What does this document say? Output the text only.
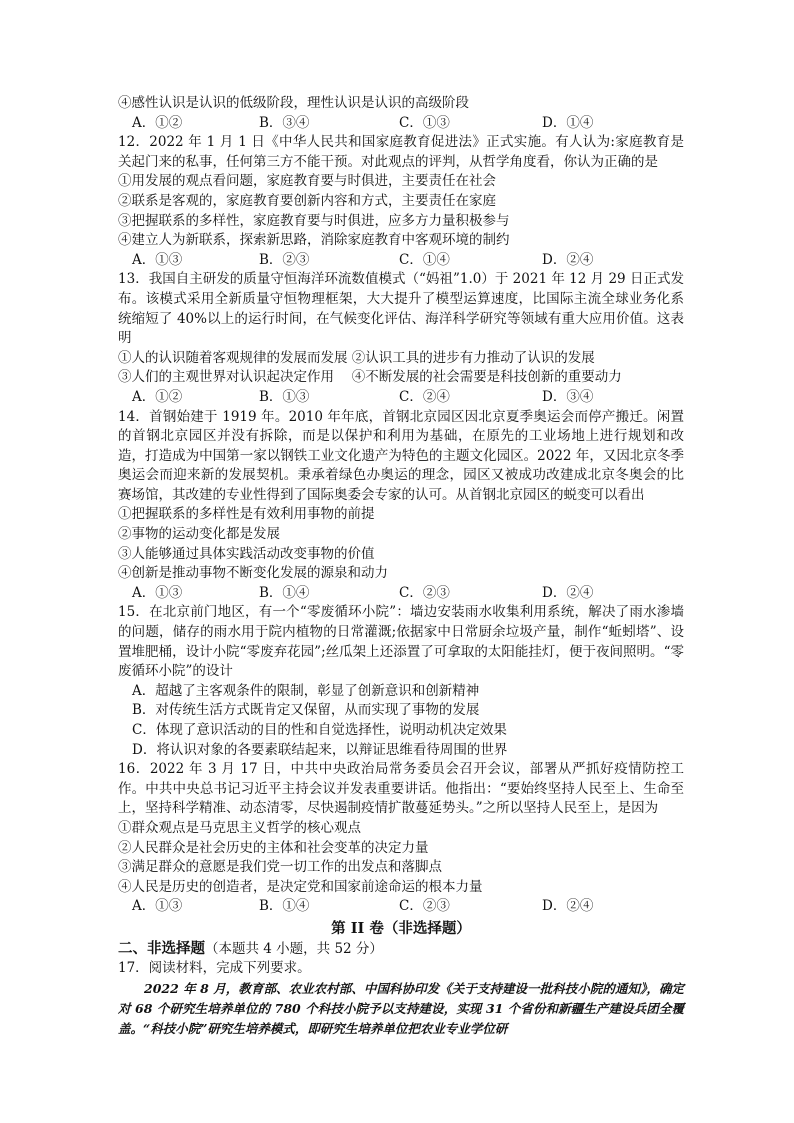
④感性认识是认识的低级阶段，理性认识是认识的高级阶段

A．①②	B．③④	C．①③	D．①④

12．2022 年 1 月 1 日《中华人民共和国家庭教育促进法》正式实施。有人认为:家庭教育是关起门来的私事，任何第三方不能干预。对此观点的评判，从哲学角度看，你认为正确的是

①用发展的观点看问题，家庭教育要与时俱进，主要责任在社会

②联系是客观的，家庭教育要创新内容和方式，主要责任在家庭

③把握联系的多样性，家庭教育要与时俱进，应多方力量积极参与

④建立人为新联系，探索新思路，消除家庭教育中客观环境的制约

A．①③	B．②③	C．①④	D．②④

13．我国自主研发的质量守恒海洋环流数值模式（“妈祖”1.0）于 2021 年 12 月 29 日正式发布。该模式采用全新质量守恒物理框架，大大提升了模型运算速度，比国际主流全球业务化系统缩短了 40%以上的运行时间，在气候变化评估、海洋科学研究等领域有重大应用价值。这表明

①人的认识随着客观规律的发展而发展 ②认识工具的进步有力推动了认识的发展

③人们的主观世界对认识起决定作用　 ④不断发展的社会需要是科技创新的重要动力

A．①②	B．①③	C．②④	D．③④

14．首钢始建于 1919 年。2010 年年底，首钢北京园区因北京夏季奥运会而停产搬迁。闲置的首钢北京园区并没有拆除，而是以保护和利用为基础，在原先的工业场地上进行规划和改造，打造成为中国第一家以钢铁工业文化遗产为特色的主题文化园区。2022 年，又因北京冬季奥运会而迎来新的发展契机。秉承着绿色办奥运的理念，园区又被成功改建成北京冬奥会的比赛场馆，其改建的专业性得到了国际奥委会专家的认可。从首钢北京园区的蜕变可以看出

①把握联系的多样性是有效利用事物的前提

②事物的运动变化都是发展

③人能够通过具体实践活动改变事物的价值

④创新是推动事物不断变化发展的源泉和动力

A．①③	B．①④	C．②③	D．②④

15．在北京前门地区，有一个“零废循环小院”：墙边安装雨水收集利用系统，解决了雨水渗墙的问题，储存的雨水用于院内植物的日常灌溉;依据家中日常厨余垃圾产量，制作“蚯蚓塔”、设置堆肥桶，设计小院“零废弃花园”;丝瓜架上还添置了可拿取的太阳能挂灯，便于夜间照明。“零废循环小院”的设计

A．超越了主客观条件的限制，彰显了创新意识和创新精神

B．对传统生活方式既肯定又保留，从而实现了事物的发展

C．体现了意识活动的目的性和自觉选择性，说明动机决定效果

D．将认识对象的各要素联结起来，以辩证思维看待周围的世界

16．2022 年 3 月 17 日，中共中央政治局常务委员会召开会议，部署从严抓好疫情防控工作。中共中央总书记习近平主持会议并发表重要讲话。他指出：“要始终坚持人民至上、生命至上，坚持科学精准、动态清零，尽快遏制疫情扩散蔓延势头。”之所以坚持人民至上，是因为

①群众观点是马克思主义哲学的核心观点

②人民群众是社会历史的主体和社会变革的决定力量

③满足群众的意愿是我们党一切工作的出发点和落脚点

④人民是历史的创造者，是决定党和国家前途命运的根本力量

A．①③	B．①④	C．②③	D．②④

第 II 卷（非选择题）

二、非选择题（本题共 4 小题，共 52 分）

17．阅读材料，完成下列要求。

2022 年 8 月，教育部、农业农村部、中国科协印发《关于支持建设一批科技小院的通知》，确定对 68 个研究生培养单位的 780 个科技小院予以支持建设，实现 31 个省份和新疆生产建设兵团全覆盖。“科技小院”研究生培养模式，即研究生培养单位把农业专业学位研
